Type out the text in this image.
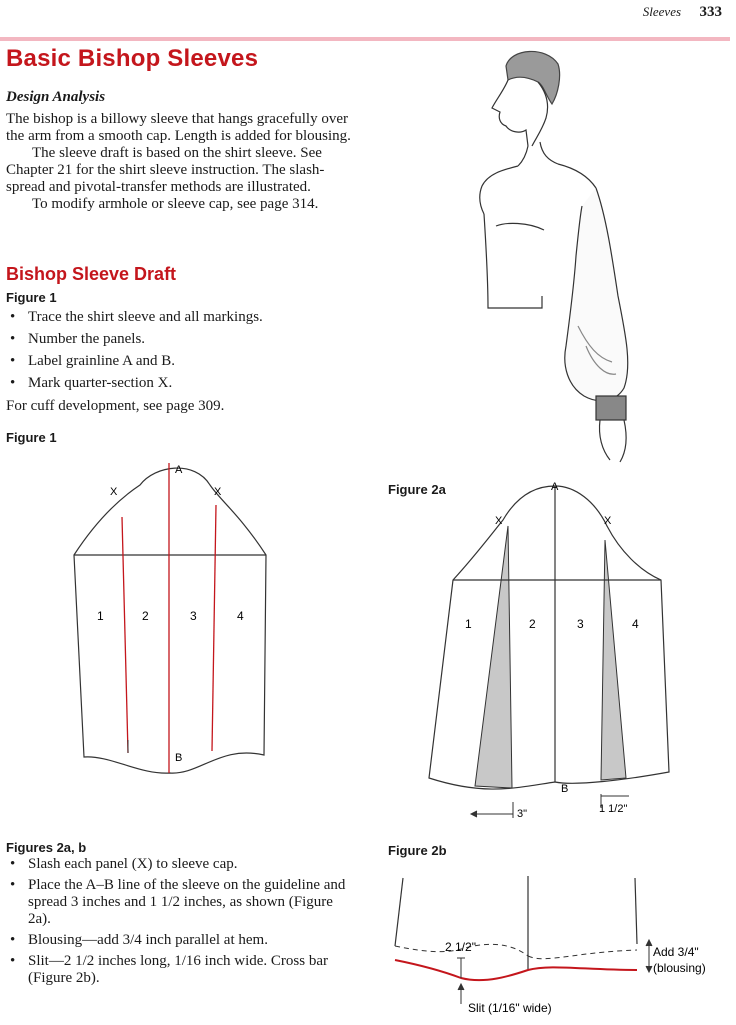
Sleeves 333
Basic Bishop Sleeves
Design Analysis

The bishop is a billowy sleeve that hangs gracefully over the arm from a smooth cap. Length is added for blousing.

The sleeve draft is based on the shirt sleeve. See Chapter 21 for the shirt sleeve instruction. The slash-spread and pivotal-transfer methods are illustrated.

To modify armhole or sleeve cap, see page 314.

Bishop Sleeve Draft
Figure 1
• Trace the shirt sleeve and all markings.
• Number the panels.
• Label grainline A and B.
• Mark quarter-section X.
For cuff development, see page 309.
Figure 1
A
B
X	X
1	2	3	4
Figure 2a	A
B
X	X
1	2	3	4
3"	1 1/2"
Figures 2a, b
• Slash each panel (X) to sleeve cap.
• Place the A–B line of the sleeve on the guideline and spread 3 inches and 1 1/2 inches, as shown (Figure 2a).
• Blousing—add 3/4 inch parallel at hem.
• Slit—2 1/2 inches long, 1/16 inch wide. Cross bar (Figure 2b).
Figure 2b
2 1/2"	Add 3/4"
(blousing)
Slit (1/16" wide)
